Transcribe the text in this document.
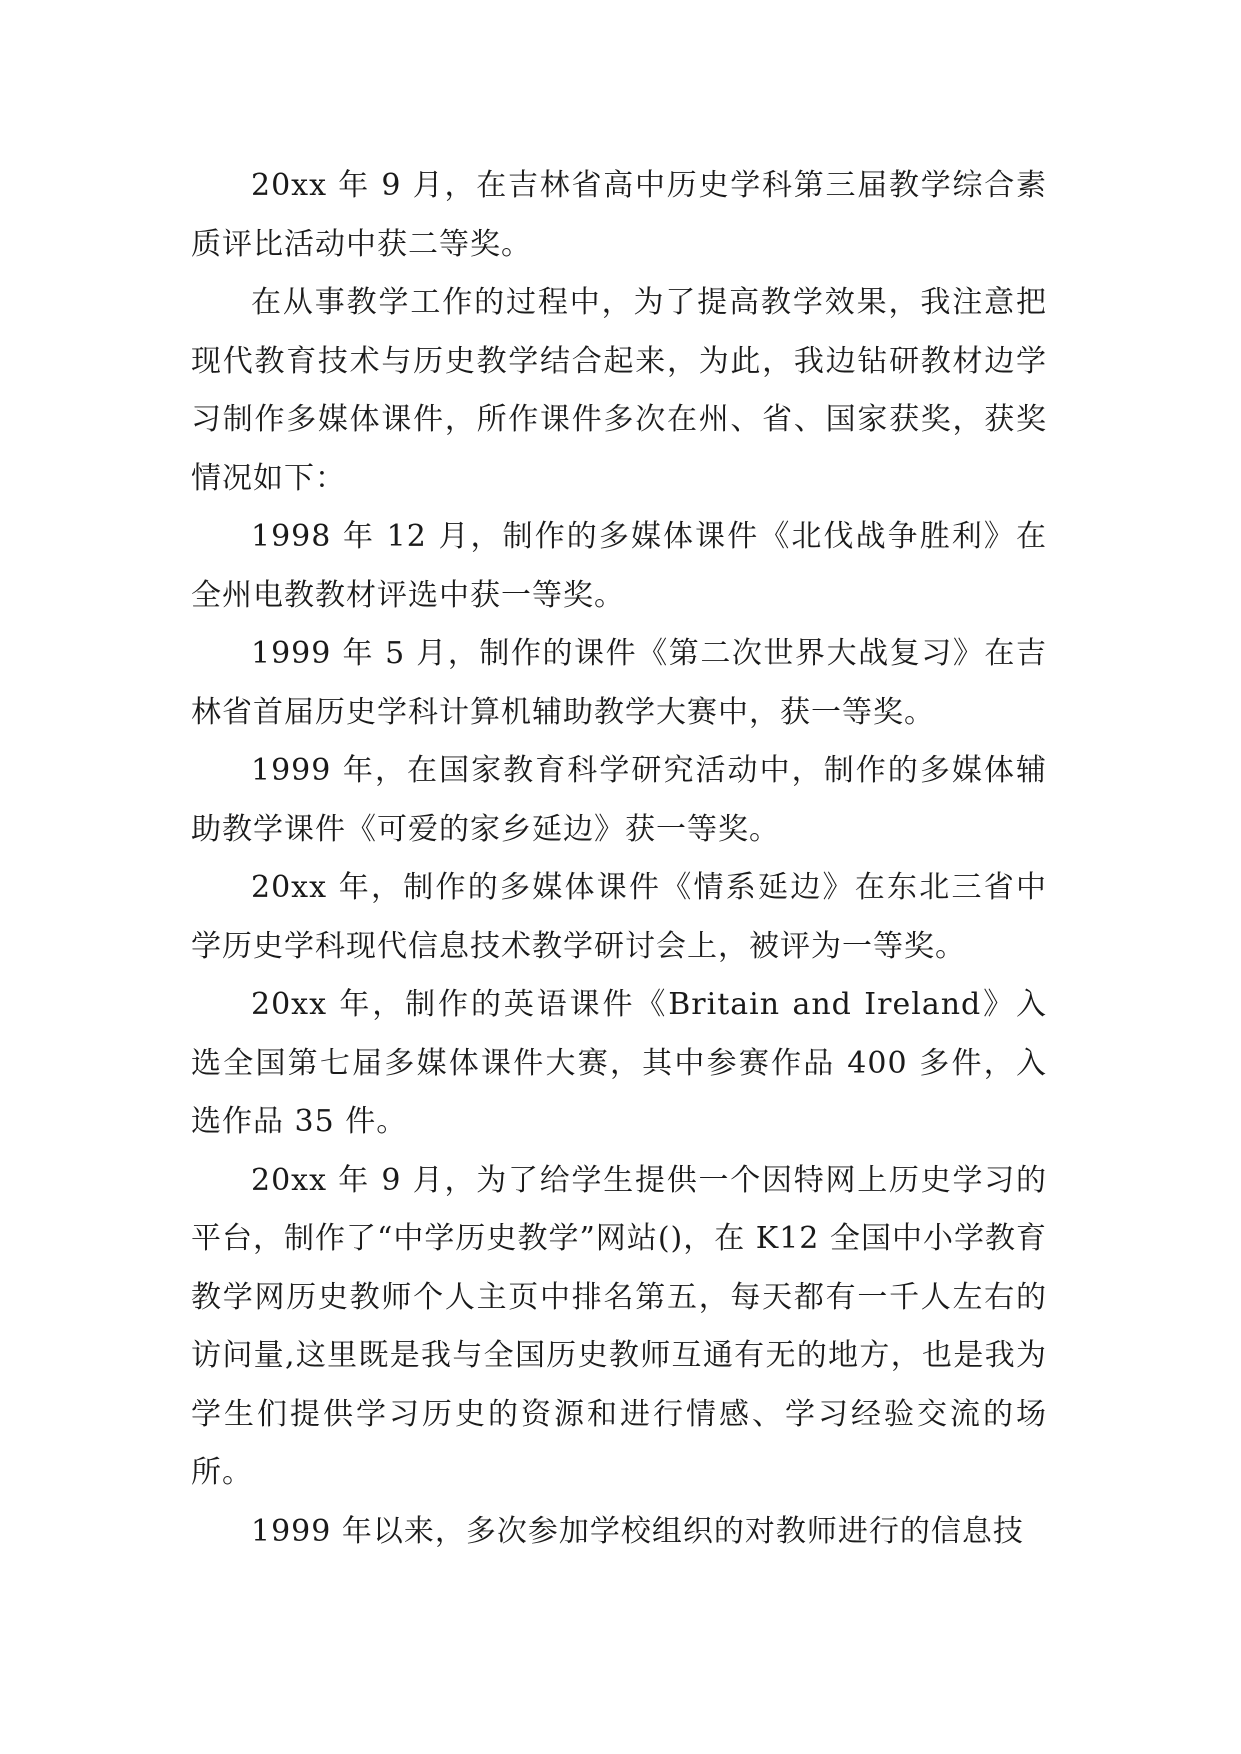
20xx 年 9 月，在吉林省高中历史学科第三届教学综合素质评比活动中获二等奖。

在从事教学工作的过程中，为了提高教学效果，我注意把现代教育技术与历史教学结合起来，为此，我边钻研教材边学习制作多媒体课件，所作课件多次在州、省、国家获奖，获奖情况如下：

1998 年 12 月，制作的多媒体课件《北伐战争胜利》在全州电教教材评选中获一等奖。

1999 年 5 月，制作的课件《第二次世界大战复习》在吉林省首届历史学科计算机辅助教学大赛中，获一等奖。

1999 年，在国家教育科学研究活动中，制作的多媒体辅助教学课件《可爱的家乡延边》获一等奖。

20xx 年，制作的多媒体课件《情系延边》在东北三省中学历史学科现代信息技术教学研讨会上，被评为一等奖。

20xx 年，制作的英语课件《Britain and Ireland》入选全国第七届多媒体课件大赛，其中参赛作品 400 多件，入选作品 35 件。

20xx 年 9 月，为了给学生提供一个因特网上历史学习的平台，制作了“中学历史教学”网站()，在 K12 全国中小学教育教学网历史教师个人主页中排名第五，每天都有一千人左右的访问量,这里既是我与全国历史教师互通有无的地方，也是我为学生们提供学习历史的资源和进行情感、学习经验交流的场所。

1999 年以来，多次参加学校组织的对教师进行的信息技
